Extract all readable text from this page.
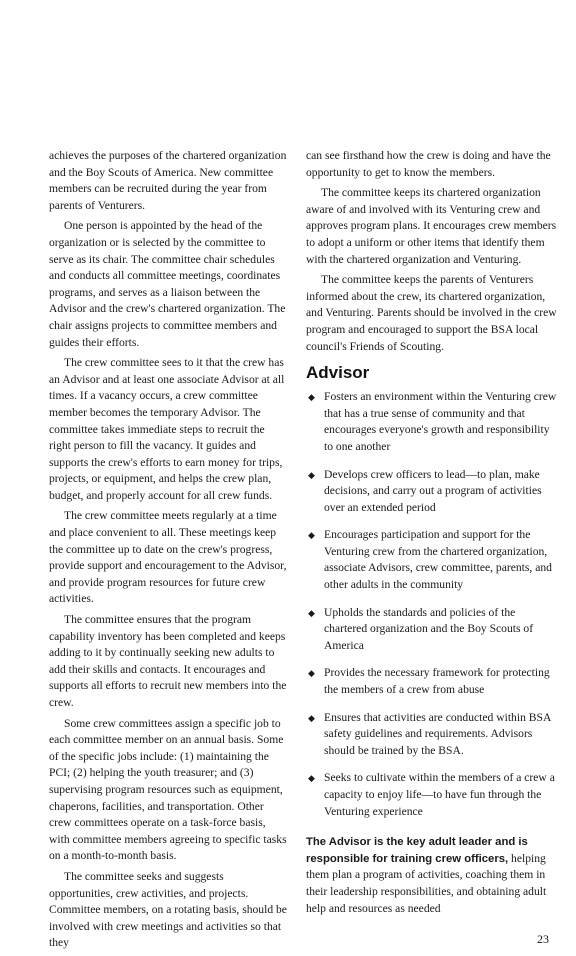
achieves the purposes of the chartered organization and the Boy Scouts of America. New committee members can be recruited during the year from parents of Venturers.

One person is appointed by the head of the organization or is selected by the committee to serve as its chair. The committee chair schedules and conducts all committee meetings, coordinates programs, and serves as a liaison between the Advisor and the crew's chartered organization. The chair assigns projects to committee members and guides their efforts.

The crew committee sees to it that the crew has an Advisor and at least one associate Advisor at all times. If a vacancy occurs, a crew committee member becomes the temporary Advisor. The committee takes immediate steps to recruit the right person to fill the vacancy. It guides and supports the crew's efforts to earn money for trips, projects, or equipment, and helps the crew plan, budget, and properly account for all crew funds.

The crew committee meets regularly at a time and place convenient to all. These meetings keep the committee up to date on the crew's progress, provide support and encouragement to the Advisor, and provide program resources for future crew activities.

The committee ensures that the program capability inventory has been completed and keeps adding to it by continually seeking new adults to add their skills and contacts. It encourages and supports all efforts to recruit new members into the crew.

Some crew committees assign a specific job to each committee member on an annual basis. Some of the specific jobs include: (1) maintaining the PCI; (2) helping the youth treasurer; and (3) supervising program resources such as equipment, chaperons, facilities, and transportation. Other crew committees operate on a task-force basis, with committee members agreeing to specific tasks on a month-to-month basis.

The committee seeks and suggests opportunities, crew activities, and projects. Committee members, on a rotating basis, should be involved with crew meetings and activities so that they

can see firsthand how the crew is doing and have the opportunity to get to know the members.

The committee keeps its chartered organization aware of and involved with its Venturing crew and approves program plans. It encourages crew members to adopt a uniform or other items that identify them with the chartered organization and Venturing.

The committee keeps the parents of Venturers informed about the crew, its chartered organization, and Venturing. Parents should be involved in the crew program and encouraged to support the BSA local council's Friends of Scouting.

Advisor
◆ Fosters an environment within the Venturing crew that has a true sense of community and that encourages everyone's growth and responsibility to one another
◆ Develops crew officers to lead—to plan, make decisions, and carry out a program of activities over an extended period
◆ Encourages participation and support for the Venturing crew from the chartered organization, associate Advisors, crew committee, parents, and other adults in the community
◆ Upholds the standards and policies of the chartered organization and the Boy Scouts of America
◆ Provides the necessary framework for protecting the members of a crew from abuse
◆ Ensures that activities are conducted within BSA safety guidelines and requirements. Advisors should be trained by the BSA.
◆ Seeks to cultivate within the members of a crew a capacity to enjoy life—to have fun through the Venturing experience

The Advisor is the key adult leader and is responsible for training crew officers, helping them plan a program of activities, coaching them in their leadership responsibilities, and obtaining adult help and resources as needed

23
